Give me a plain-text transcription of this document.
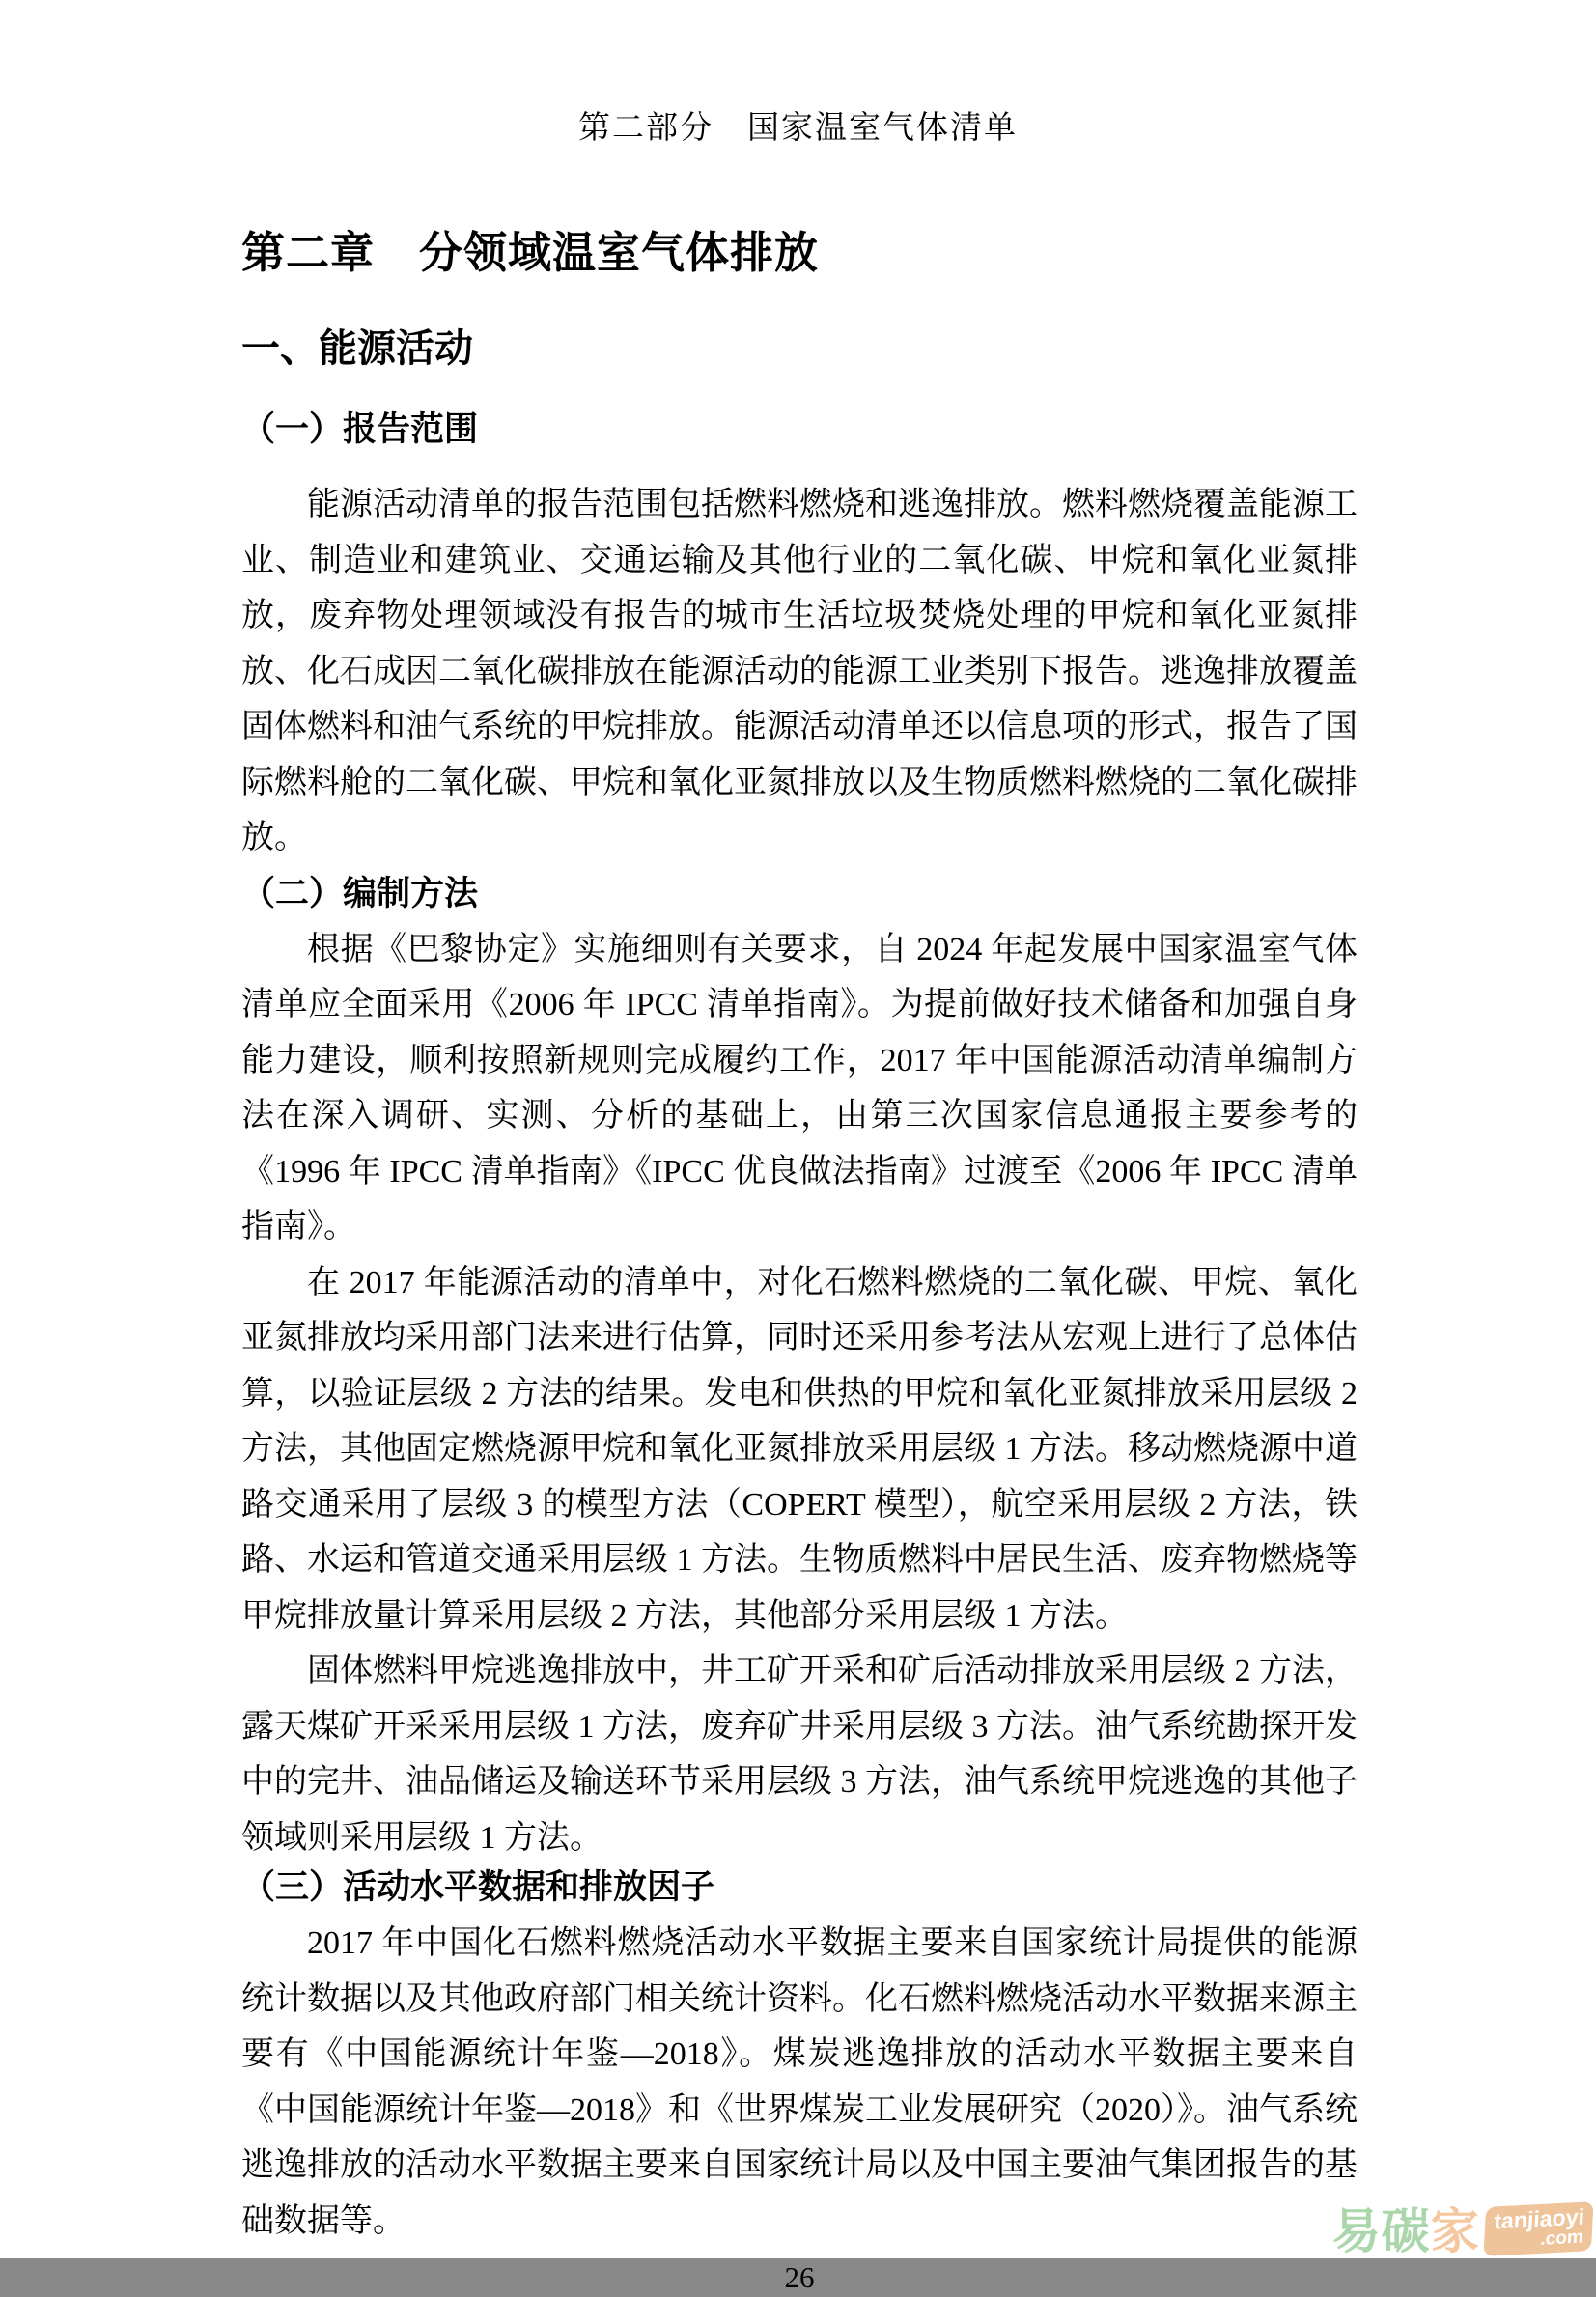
第二部分　国家温室气体清单
第二章　分领域温室气体排放
一、能源活动
（一）报告范围

能源活动清单的报告范围包括燃料燃烧和逃逸排放。燃料燃烧覆盖能源工业、制造业和建筑业、交通运输及其他行业的二氧化碳、甲烷和氧化亚氮排放，废弃物处理领域没有报告的城市生活垃圾焚烧处理的甲烷和氧化亚氮排放、化石成因二氧化碳排放在能源活动的能源工业类别下报告。逃逸排放覆盖固体燃料和油气系统的甲烷排放。能源活动清单还以信息项的形式，报告了国际燃料舱的二氧化碳、甲烷和氧化亚氮排放以及生物质燃料燃烧的二氧化碳排放。

（二）编制方法

根据《巴黎协定》实施细则有关要求，自 2024 年起发展中国家温室气体清单应全面采用《2006 年 IPCC 清单指南》。为提前做好技术储备和加强自身能力建设，顺利按照新规则完成履约工作，2017 年中国能源活动清单编制方法在深入调研、实测、分析的基础上，由第三次国家信息通报主要参考的《1996 年 IPCC 清单指南》《IPCC 优良做法指南》过渡至《2006 年 IPCC 清单指南》。

在 2017 年能源活动的清单中，对化石燃料燃烧的二氧化碳、甲烷、氧化亚氮排放均采用部门法来进行估算，同时还采用参考法从宏观上进行了总体估算，以验证层级 2 方法的结果。发电和供热的甲烷和氧化亚氮排放采用层级 2 方法，其他固定燃烧源甲烷和氧化亚氮排放采用层级 1 方法。移动燃烧源中道路交通采用了层级 3 的模型方法（COPERT 模型），航空采用层级 2 方法，铁路、水运和管道交通采用层级 1 方法。生物质燃料中居民生活、废弃物燃烧等甲烷排放量计算采用层级 2 方法，其他部分采用层级 1 方法。

固体燃料甲烷逃逸排放中，井工矿开采和矿后活动排放采用层级 2 方法，露天煤矿开采采用层级 1 方法，废弃矿井采用层级 3 方法。油气系统勘探开发中的完井、油品储运及输送环节采用层级 3 方法，油气系统甲烷逃逸的其他子领域则采用层级 1 方法。

（三）活动水平数据和排放因子

2017 年中国化石燃料燃烧活动水平数据主要来自国家统计局提供的能源统计数据以及其他政府部门相关统计资料。化石燃料燃烧活动水平数据来源主要有《中国能源统计年鉴—2018》。煤炭逃逸排放的活动水平数据主要来自《中国能源统计年鉴—2018》和《世界煤炭工业发展研究（2020）》。油气系统逃逸排放的活动水平数据主要来自国家统计局以及中国主要油气集团报告的基础数据等。

26
易碳 家 tanjiaoyi
.com
